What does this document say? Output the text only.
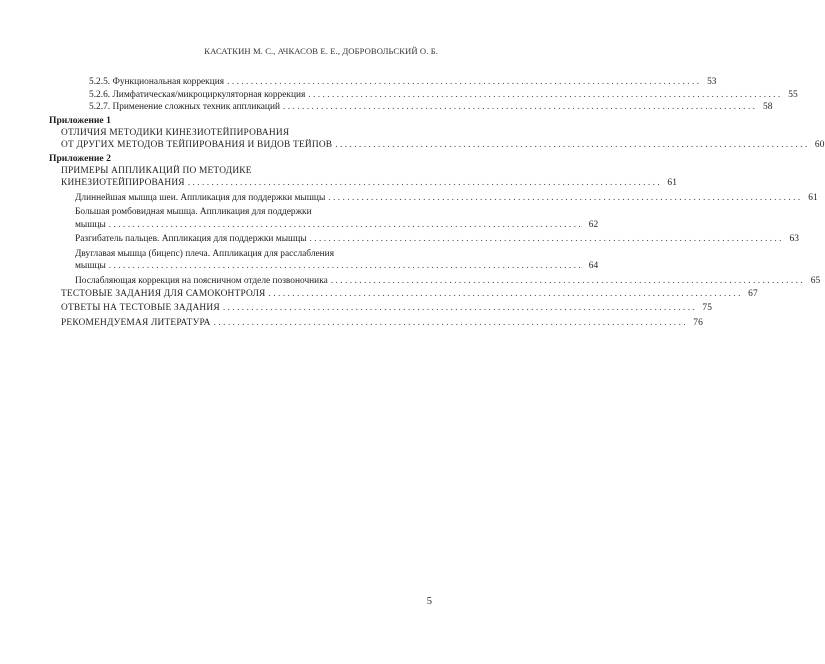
КАСАТКИН М. С., АЧКАСОВ Е. Е., ДОБРОВОЛЬСКИЙ О. Б.
5.2.5. Функциональная коррекция .................................................................................................... 53
5.2.6. Лимфатическая/микроциркуляторная коррекция .................................................................................................... 55
5.2.7. Применение сложных техник аппликаций .................................................................................................... 58
Приложение 1
ОТЛИЧИЯ МЕТОДИКИ КИНЕЗИОТЕЙПИРОВАНИЯ
ОТ ДРУГИХ МЕТОДОВ ТЕЙПИРОВАНИЯ И ВИДОВ ТЕЙПОВ .................................................................................................... 60
Приложение 2
ПРИМЕРЫ АППЛИКАЦИЙ ПО МЕТОДИКЕ
КИНЕЗИОТЕЙПИРОВАНИЯ .................................................................................................... 61
Длиннейшая мышца шеи. Аппликация для поддержки мышцы .................................................................................................... 61
Большая ромбовидная мышца. Аппликация для поддержки
мышцы .................................................................................................... 62
Разгибатель пальцев. Аппликация для поддержки мышцы .................................................................................................... 63
Двуглавая мышца (бицепс) плеча. Аппликация для расслабления
мышцы .................................................................................................... 64
Послабляющая коррекция на поясничном отделе позвоночника .................................................................................................... 65
ТЕСТОВЫЕ ЗАДАНИЯ ДЛЯ САМОКОНТРОЛЯ .................................................................................................... 67
ОТВЕТЫ НА ТЕСТОВЫЕ ЗАДАНИЯ .................................................................................................... 75
РЕКОМЕНДУЕМАЯ ЛИТЕРАТУРА .................................................................................................... 76
5
